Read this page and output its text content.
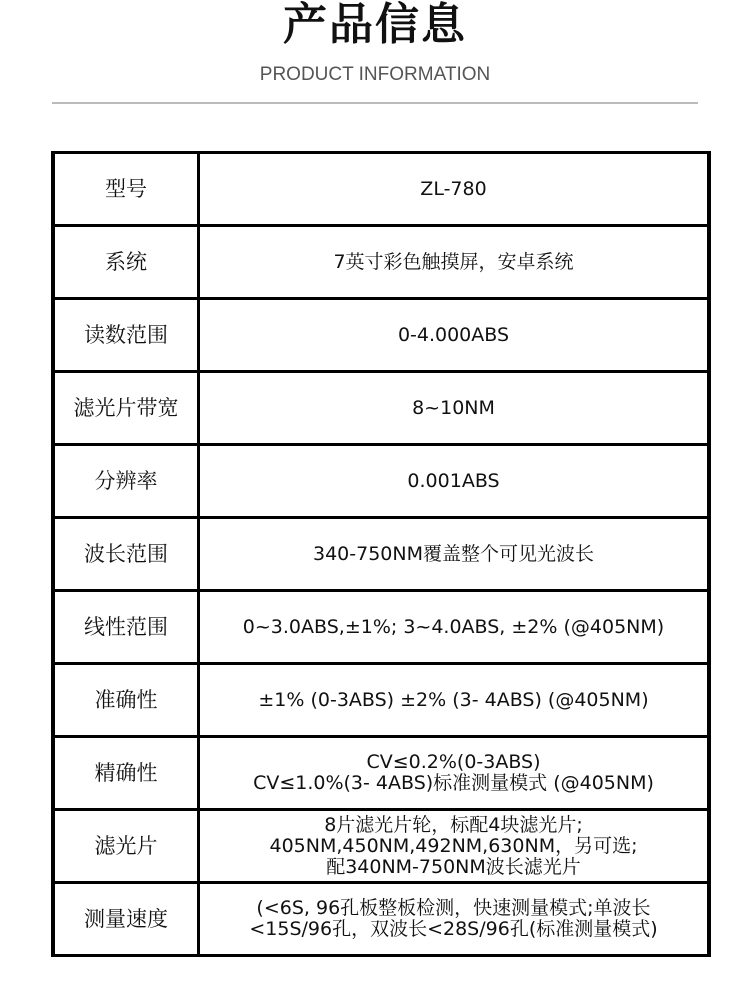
产品信息
PRODUCT INFORMATION
型号	ZL-780

系统	7英寸彩色触摸屏，安卓系统

读数范围	0-4.000ABS

滤光片带宽	8~10NM

分辨率	0.001ABS

波长范围	340-750NM覆盖整个可见光波长

线性范围	0~3.0ABS,±1%; 3~4.0ABS, ±2% (@405NM)

准确性	±1% (0-3ABS) ±2% (3- 4ABS) (@405NM)

精确性	CV≤0.2%(0-3ABS)
CV≤1.0%(3- 4ABS)标准测量模式 (@405NM)

滤光片	8片滤光片轮，标配4块滤光片;
405NM,450NM,492NM,630NM，另可选;
配340NM-750NM波长滤光片

测量速度	(<6S, 96孔板整板检测，快速测量模式;单波长
<15S/96孔，双波长<28S/96孔(标准测量模式)
